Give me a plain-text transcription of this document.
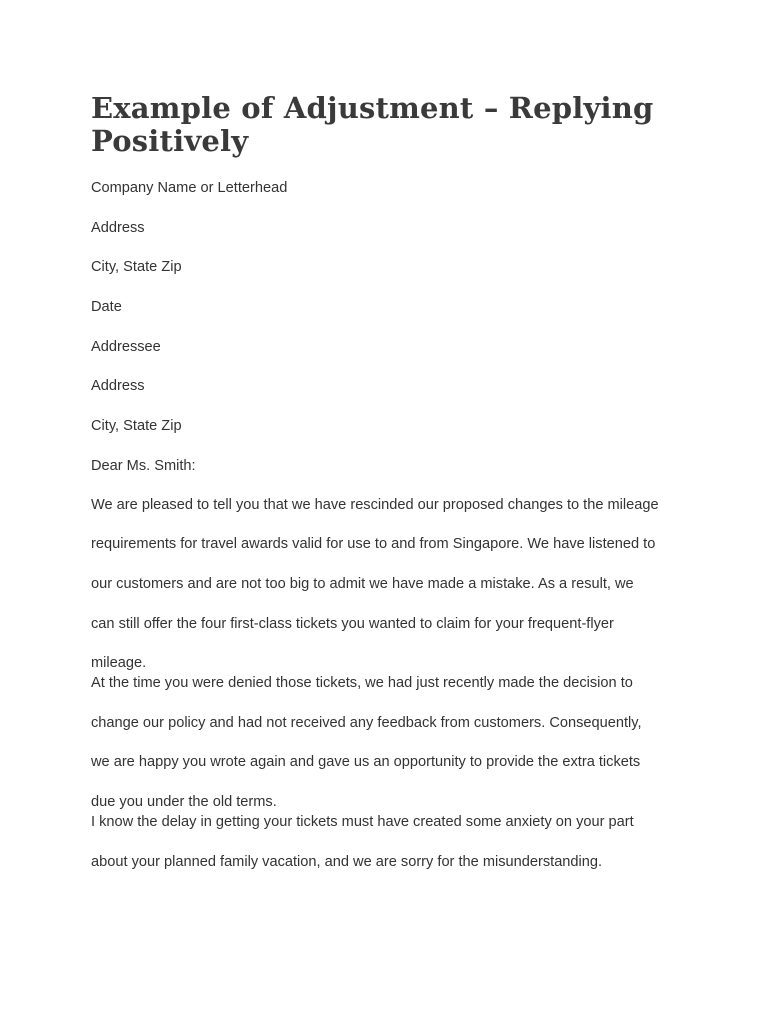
Example of Adjustment – Replying
Positively
Company Name or Letterhead
Address
City, State Zip
Date
Addressee
Address
City, State Zip
Dear Ms. Smith:
We are pleased to tell you that we have rescinded our proposed changes to the mileage
requirements for travel awards valid for use to and from Singapore. We have listened to
our customers and are not too big to admit we have made a mistake. As a result, we
can still offer the four first-class tickets you wanted to claim for your frequent-flyer
mileage.
At the time you were denied those tickets, we had just recently made the decision to
change our policy and had not received any feedback from customers. Consequently,
we are happy you wrote again and gave us an opportunity to provide the extra tickets
due you under the old terms.
I know the delay in getting your tickets must have created some anxiety on your part
about your planned family vacation, and we are sorry for the misunderstanding.
